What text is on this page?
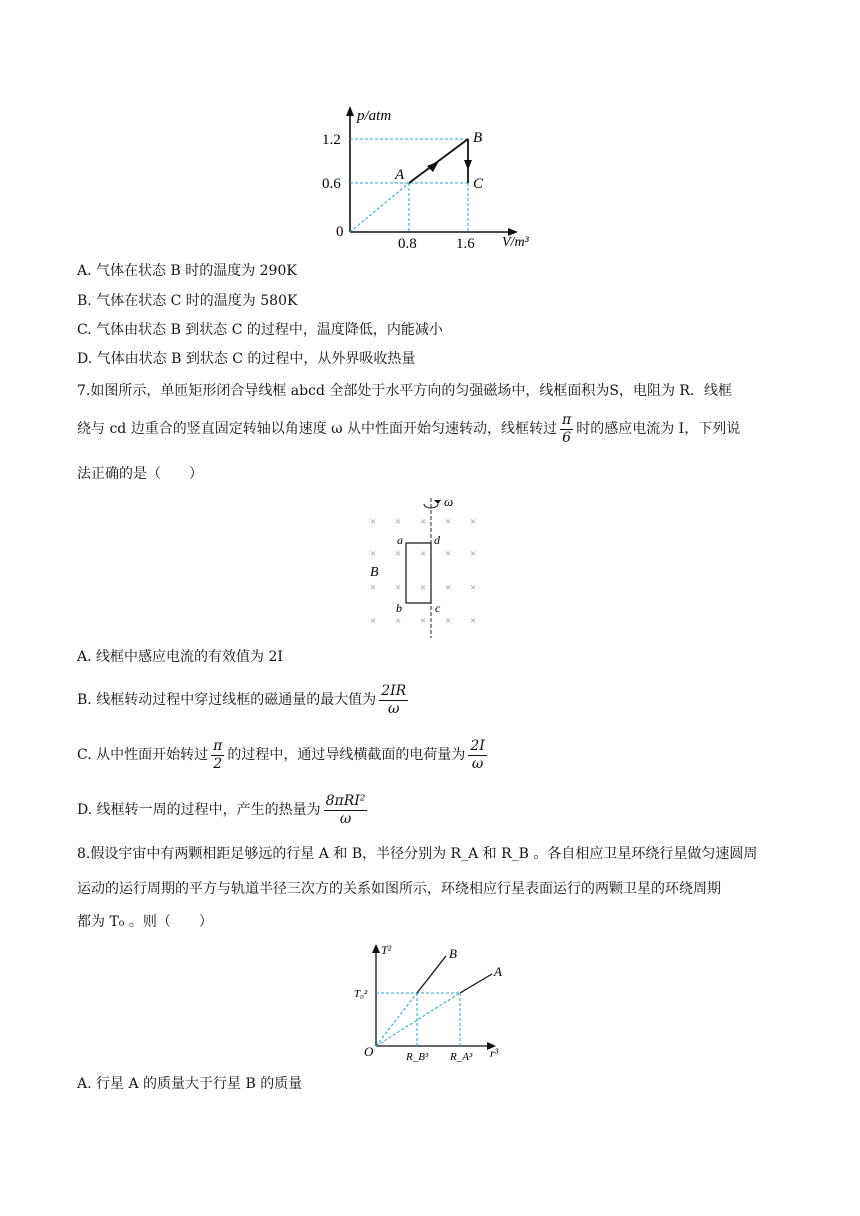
p/atm
V/m³
0
1.2
0.6
0.8	1.6
A
B
C
A. 气体在状态 B 时的温度为 290K
B. 气体在状态 C 时的温度为 580K
C. 气体由状态 B 到状态 C 的过程中，温度降低，内能减小
D. 气体由状态 B 到状态 C 的过程中，从外界吸收热量
7.如图所示，单匝矩形闭合导线框 abcd 全部处于水平方向的匀强磁场中，线框面积为S，电阻为 R．线框
绕与 cd 边重合的竖直固定转轴以角速度 ω 从中性面开始匀速转动，线框转过 $\frac{\pi}{6}$ 时的感应电流为 I，下列说
法正确的是（　　）
× × × × ×
× × × × ×
× × × × ×
× × × × ×
ω
B
a	d
b	c
A. 线框中感应电流的有效值为 2I
B. 线框转动过程中穿过线框的磁通量的最大值为 $\frac{2IR}{\omega}$
C. 从中性面开始转过 $\frac{\pi}{2}$ 的过程中，通过导线横截面的电荷量为 $\frac{2I}{\omega}$
D. 线框转一周的过程中，产生的热量为 $\frac{\text{8πRI²}}{\omega}$
8.假设宇宙中有两颗相距足够远的行星 A 和 B，半径分别为 R_A 和 R_B 。各自相应卫星环绕行星做匀速圆周
运动的运行周期的平方与轨道半径三次方的关系如图所示，环绕相应行星表面运行的两颗卫星的环绕周期
都为 T₀ 。则（　　）
T²
r³
O
T₀²
R_B³ R_A³
B
A
A. 行星 A 的质量大于行星 B 的质量
